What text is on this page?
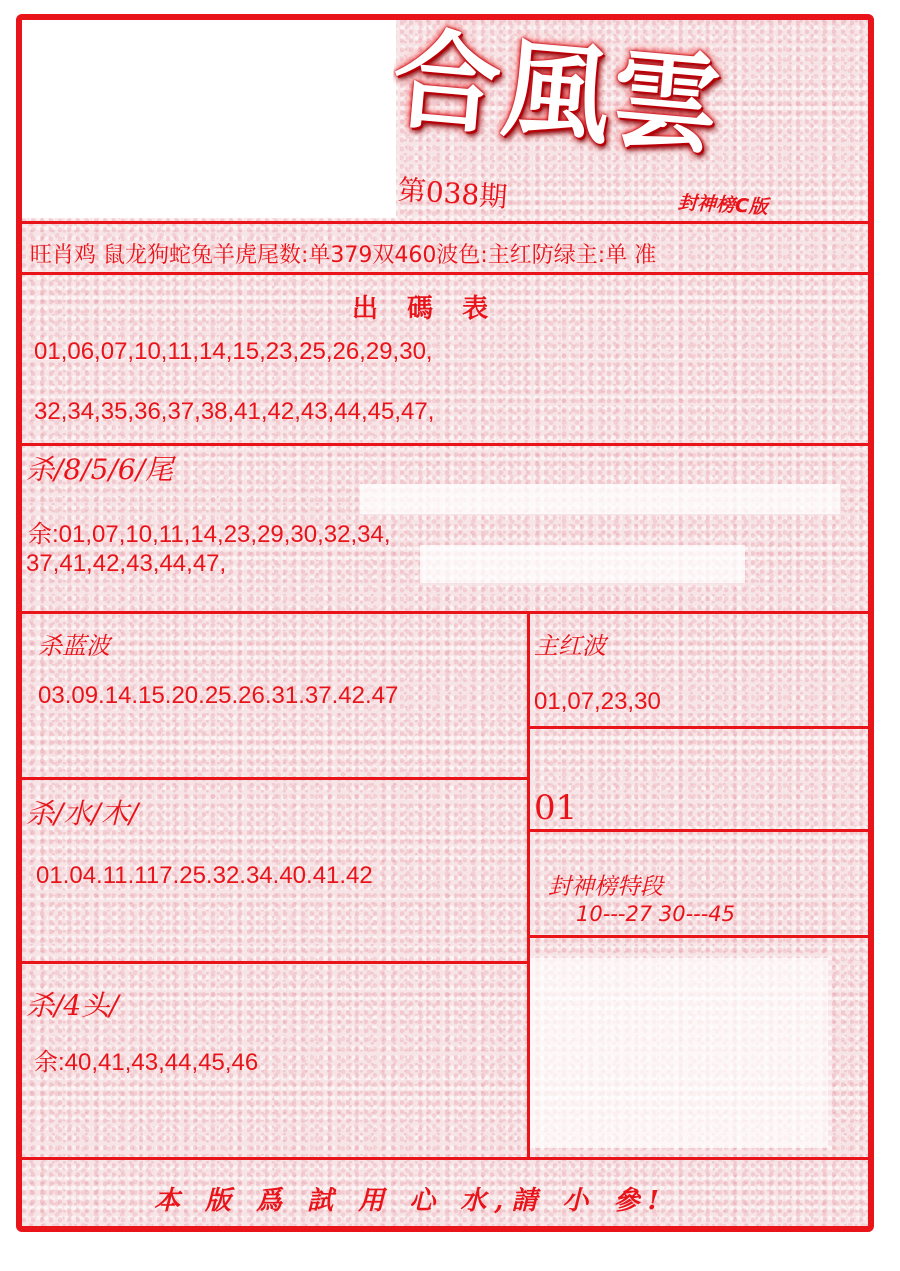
合風雲
第038期	封神榜C版
旺肖鸡 鼠龙狗蛇兔羊虎尾数:单379双460波色:主红防绿主:单 准
出 碼 表
01,06,07,10,11,14,15,23,25,26,29,30,
32,34,35,36,37,38,41,42,43,44,45,47,
杀/8/5/6/尾
余:01,07,10,11,14,23,29,30,32,34,
37,41,42,43,44,47,
杀蓝波
03.09.14.15.20.25.26.31.37.42.47
主红波
01,07,23,30
杀/水/木/
01.04.11.117.25.32.34.40.41.42
01
封神榜特段
10---27 30---45
杀/4头/
余:40,41,43,44,45,46
本 版 爲 試 用 心 水,請 小 參!
